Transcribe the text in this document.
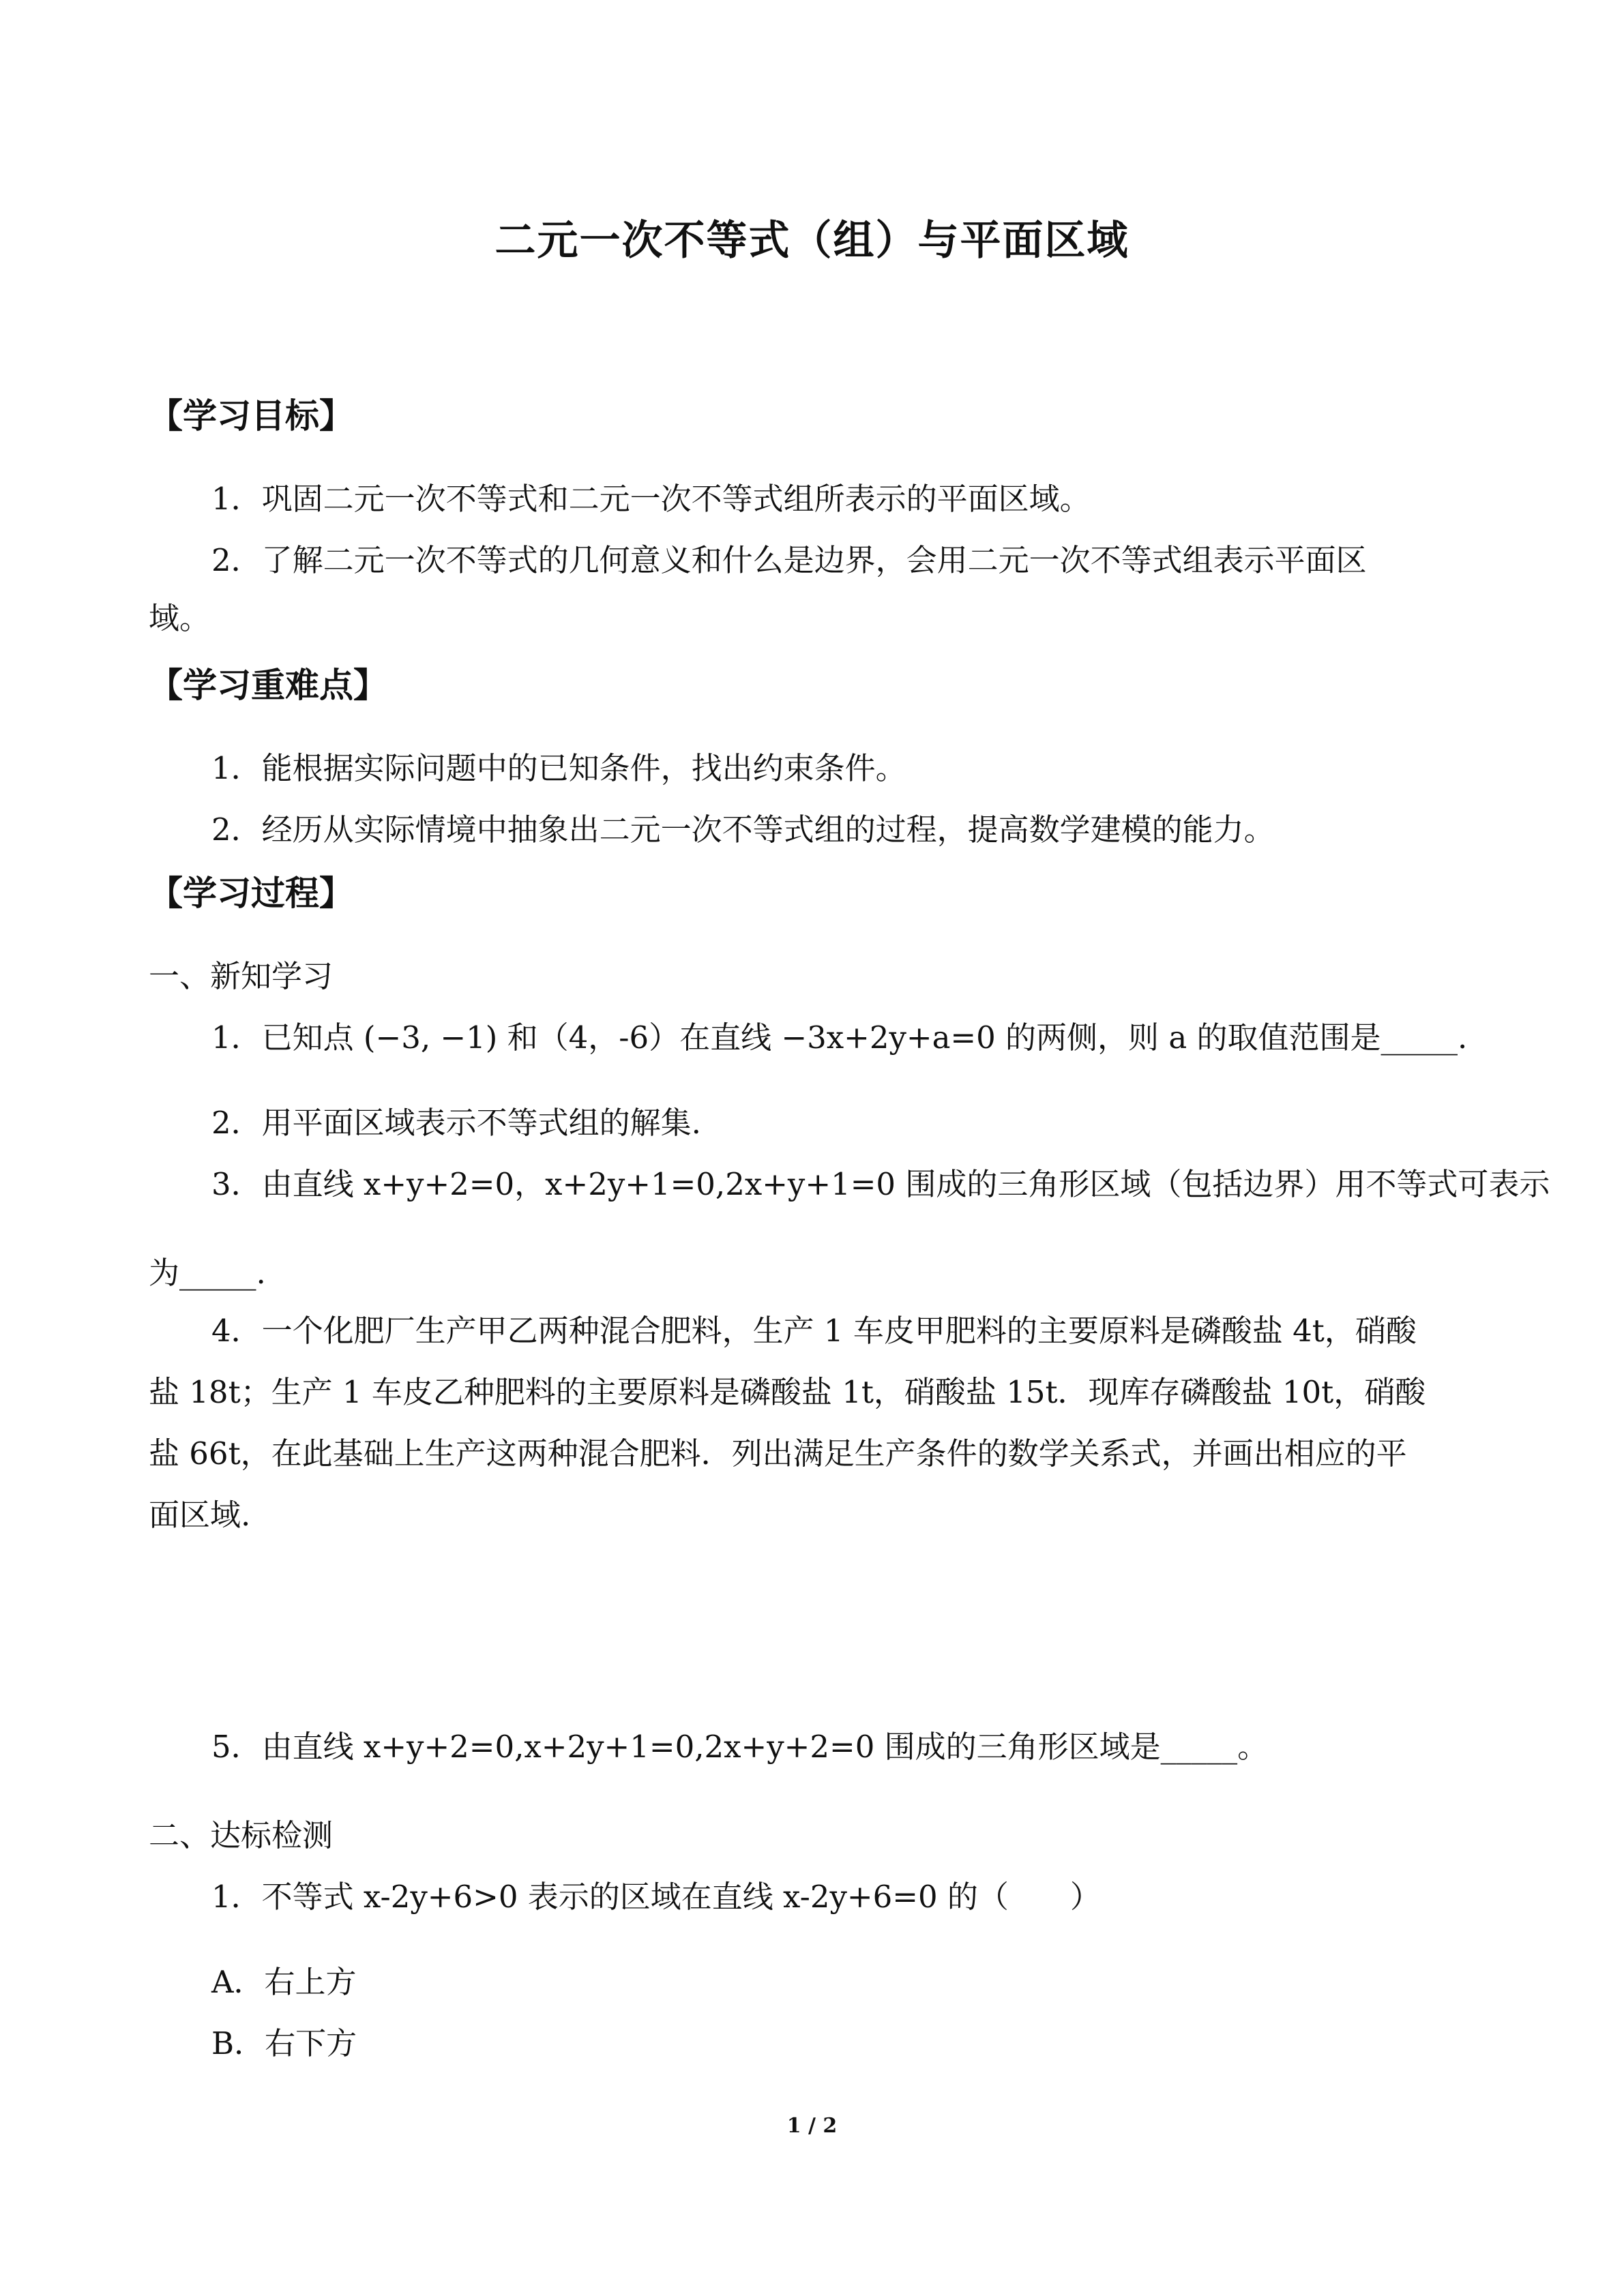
二元一次不等式（组）与平面区域
【学习目标】
1．巩固二元一次不等式和二元一次不等式组所表示的平面区域。
2．了解二元一次不等式的几何意义和什么是边界，会用二元一次不等式组表示平面区
域。
【学习重难点】
1．能根据实际问题中的已知条件，找出约束条件。
2．经历从实际情境中抽象出二元一次不等式组的过程，提高数学建模的能力。
【学习过程】
一、新知学习
1．已知点 (−3, −1) 和（4，-6）在直线 −3x+2y+a=0 的两侧，则 a 的取值范围是_____.
2．用平面区域表示不等式组的解集.
3．由直线 x+y+2=0，x+2y+1=0,2x+y+1=0 围成的三角形区域（包括边界）用不等式可表示
为_____.
4．一个化肥厂生产甲乙两种混合肥料，生产 1 车皮甲肥料的主要原料是磷酸盐 4t，硝酸
盐 18t；生产 1 车皮乙种肥料的主要原料是磷酸盐 1t，硝酸盐 15t．现库存磷酸盐 10t，硝酸
盐 66t，在此基础上生产这两种混合肥料．列出满足生产条件的数学关系式，并画出相应的平
面区域.
5．由直线 x+y+2=0,x+2y+1=0,2x+y+2=0 围成的三角形区域是_____。
二、达标检测
1．不等式 x-2y+6>0 表示的区域在直线 x-2y+6=0 的（　　）
A．右上方
B．右下方
1 / 2
